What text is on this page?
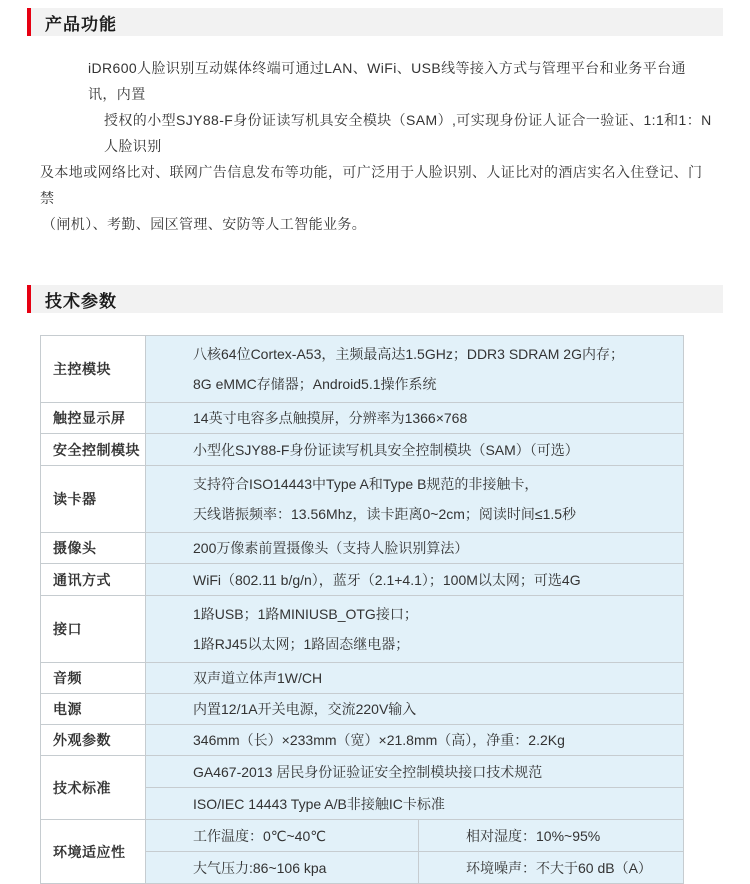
产品功能
iDR600人脸识别互动媒体终端可通过LAN、WiFi、USB线等接入方式与管理平台和业务平台通讯，内置
授权的小型SJY88-F身份证读写机具安全模块（SAM）,可实现身份证人证合一验证、1:1和1：N人脸识别
及本地或网络比对、联网广告信息发布等功能，可广泛用于人脸识别、人证比对的酒店实名入住登记、门禁
（闸机）、考勤、园区管理、安防等人工智能业务。
技术参数
主控模块	八核64位Cortex-A53，主频最高达1.5GHz；DDR3 SDRAM 2G内存；
8G eMMC存储器；Android5.1操作系统	

触控显示屏	14英寸电容多点触摸屏，分辨率为1366×768	
安全控制模块	小型化SJY88-F身份证读写机具安全控制模块（SAM）（可选）	
读卡器	支持符合ISO14443中Type A和Type B规范的非接触卡，
天线谐振频率：13.56Mhz，读卡距离0~2cm；阅读时间≤1.5秒	

摄像头	200万像素前置摄像头（支持人脸识别算法）	
通讯方式	WiFi（802.11 b/g/n），蓝牙（2.1+4.1）；100M以太网；可选4G	
接口	1路USB；1路MINIUSB_OTG接口；
1路RJ45以太网；1路固态继电器；	

音频	双声道立体声1W/CH	
电源	内置12/1A开关电源，交流220V输入	
外观参数	346mm（长）×233mm（宽）×21.8mm（高），净重：2.2Kg	
技术标准	GA467-2013 居民身份证验证安全控制模块接口技术规范	
	ISO/IEC 14443 Type A/B非接触IC卡标准	
环境适应性	工作温度：0℃~40℃	相对湿度：10%~95%
	大气压力:86~106 kpa	环境噪声：不大于60 dB（A）
